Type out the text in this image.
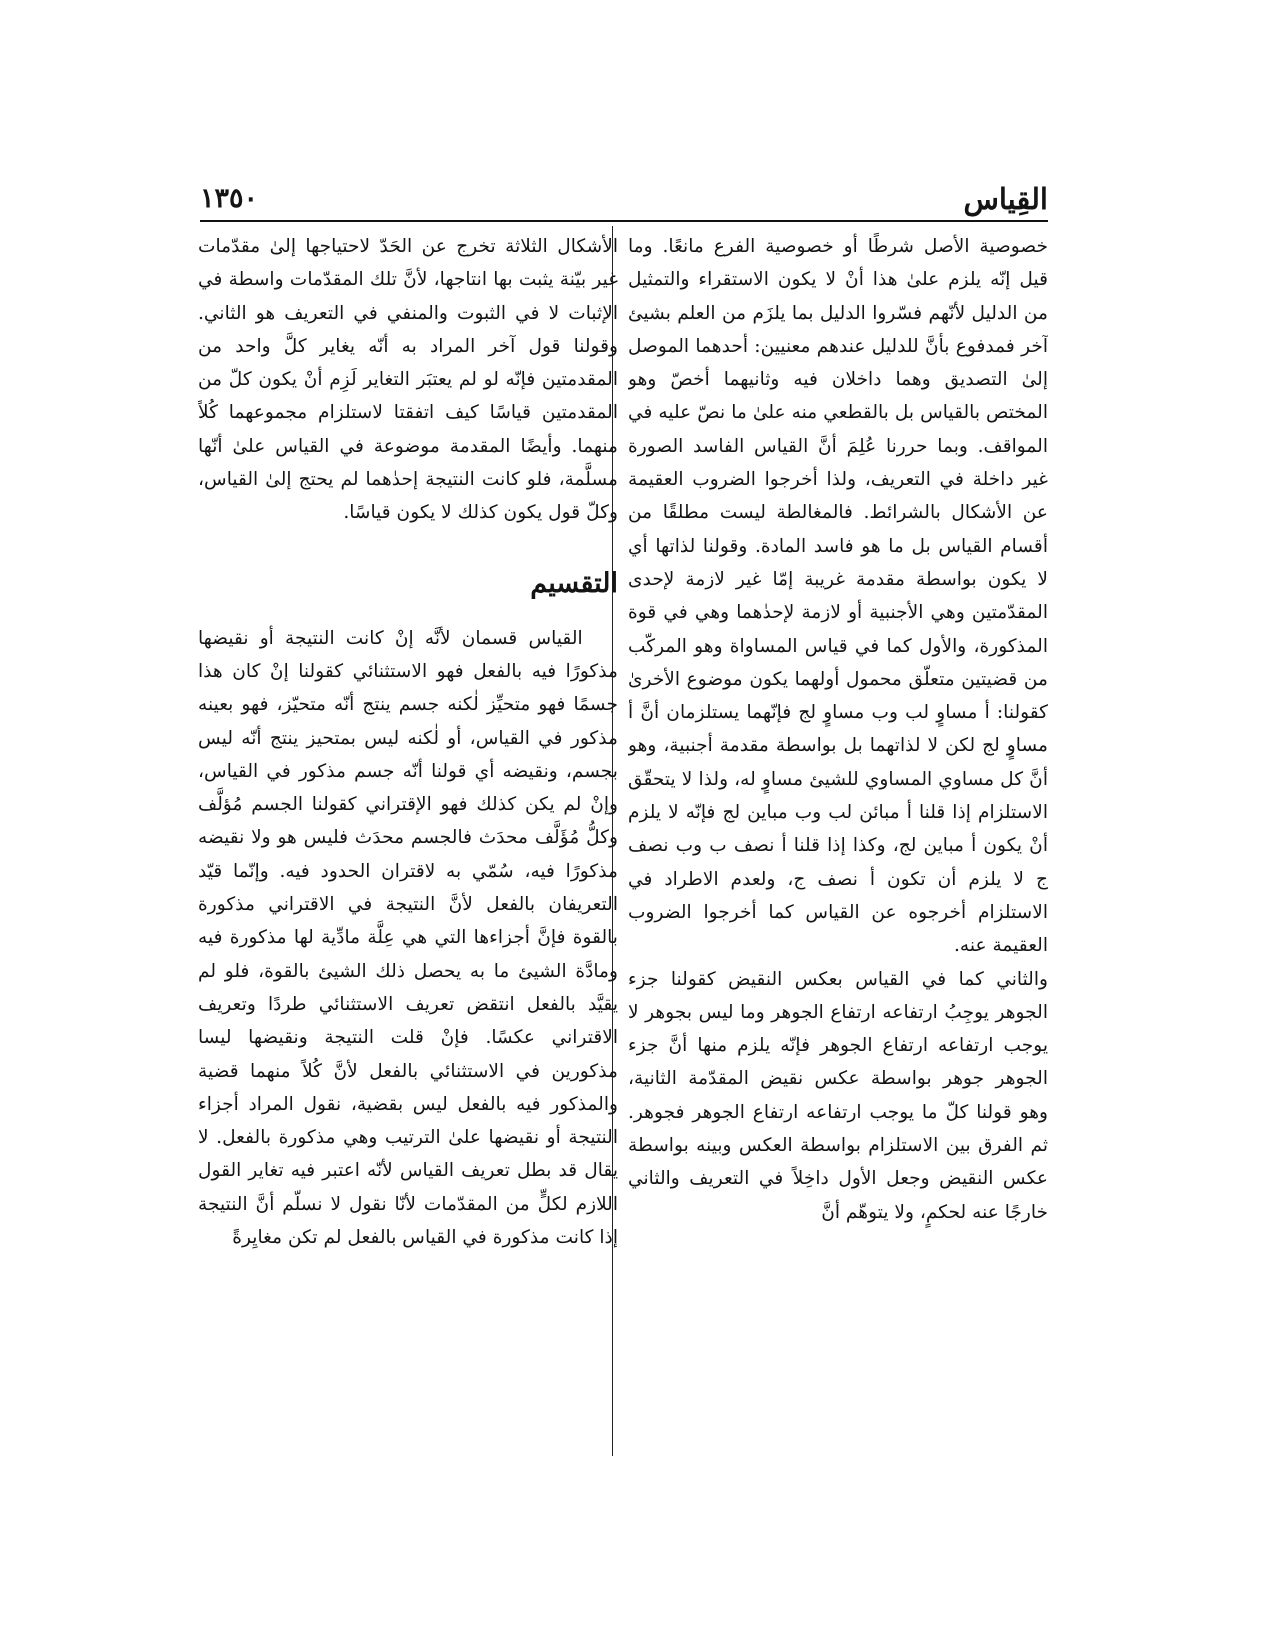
القِياس
١٣٥٠

خصوصية الأصل شرطًا أو خصوصية الفرع مانعًا. وما قيل إنّه يلزم علىٰ هذا أنْ لا يكون الاستقراء والتمثيل من الدليل لأنّهم فسّروا الدليل بما يلزَم من العلم بشيئ آخر فمدفوع بأنَّ للدليل عندهم معنيين: أحدهما الموصل إلىٰ التصديق وهما داخلان فيه وثانيهما أخصّ وهو المختص بالقياس بل بالقطعي منه علىٰ ما نصّ عليه في المواقف. وبما حررنا عُلِمَ أنَّ القياس الفاسد الصورة غير داخلة في التعريف، ولذا أخرجوا الضروب العقيمة عن الأشكال بالشرائط. فالمغالطة ليست مطلقًا من أقسام القياس بل ما هو فاسد المادة. وقولنا لذاتها أي لا يكون بواسطة مقدمة غريبة إمّا غير لازمة لإحدى المقدّمتين وهي الأجنبية أو لازمة لإحدٰهما وهي في قوة المذكورة، والأول كما في قياس المساواة وهو المركّب من قضيتين متعلّق محمول أولهما يكون موضوع الأخرىٰ كقولنا: أ مساوٍ لب وب مساوٍ لج فإنّهما يستلزمان أنَّ أ مساوٍ لج لكن لا لذاتهما بل بواسطة مقدمة أجنبية، وهو أنَّ كل مساوي المساوي للشيئ مساوٍ له، ولذا لا يتحقّق الاستلزام إذا قلنا أ مبائن لب وب مباين لج فإنّه لا يلزم أنْ يكون أ مباين لج، وكذا إذا قلنا أ نصف ب وب نصف ج لا يلزم أن تكون أ نصف ج، ولعدم الاطراد في الاستلزام أخرجوه عن القياس كما أخرجوا الضروب العقيمة عنه.

والثاني كما في القياس بعكس النقيض كقولنا جزء الجوهر يوجِبُ ارتفاعه ارتفاع الجوهر وما ليس بجوهر لا يوجب ارتفاعه ارتفاع الجوهر فإنّه يلزم منها أنَّ جزء الجوهر جوهر بواسطة عكس نقيض المقدّمة الثانية، وهو قولنا كلّ ما يوجب ارتفاعه ارتفاع الجوهر فجوهر. ثم الفرق بين الاستلزام بواسطة العكس وبينه بواسطة عكس النقيض وجعل الأول داخِلاً في التعريف والثاني خارجًا عنه لحكمٍ، ولا يتوهّم أنَّ

الأشكال الثلاثة تخرج عن الحَدّ لاحتياجها إلىٰ مقدّمات غير بيّنة يثبت بها انتاجها، لأنَّ تلك المقدّمات واسطة في الإثبات لا في الثبوت والمنفي في التعريف هو الثاني. وقولنا قول آخر المراد به أنّه يغاير كلَّ واحد من المقدمتين فإنّه لو لم يعتبَر التغاير لَزِم أنْ يكون كلّ من المقدمتين قياسًا كيف اتفقتا لاستلزام مجموعهما كُلاً منهما. وأيضًا المقدمة موضوعة في القياس علىٰ أنّها مسلَّمة، فلو كانت النتيجة إحدٰهما لم يحتج إلىٰ القياس، وكلّ قول يكون كذلك لا يكون قياسًا.

التقسيم

القياس قسمان لأنَّه إنْ كانت النتيجة أو نقيضها مذكورًا فيه بالفعل فهو الاستثنائي كقولنا إنْ كان هذا جسمًا فهو متحيِّز لٰكنه جسم ينتج أنّه متحيّز، فهو بعينه مذكور في القياس، أو لٰكنه ليس بمتحيز ينتج أنّه ليس بجسم، ونقيضه أي قولنا أنّه جسم مذكور في القياس، وإنْ لم يكن كذلك فهو الإقتراني كقولنا الجسم مُؤلَّف وكلُّ مُؤَلَّف محدَث فالجسم محدَث فليس هو ولا نقيضه مذكورًا فيه، سُمّي به لاقتران الحدود فيه. وإنّما قيّد التعريفان بالفعل لأنَّ النتيجة في الاقتراني مذكورة بالقوة فإنَّ أجزاءها التي هي عِلَّة مادِّية لها مذكورة فيه ومادَّة الشيئ ما به يحصل ذلك الشيئ بالقوة، فلو لم يقيَّد بالفعل انتقض تعريف الاستثنائي طردًا وتعريف الاقتراني عكسًا. فإنْ قلت النتيجة ونقيضها ليسا مذكورين في الاستثنائي بالفعل لأنَّ كُلاً منهما قضية والمذكور فيه بالفعل ليس بقضية، نقول المراد أجزاء النتيجة أو نقيضها علىٰ الترتيب وهي مذكورة بالفعل. لا يقال قد بطل تعريف القياس لأنّه اعتبر فيه تغاير القول اللازم لكلٍّ من المقدّمات لأنّا نقول لا نسلّم أنَّ النتيجة إذا كانت مذكورة في القياس بالفعل لم تكن مغايِرةً
